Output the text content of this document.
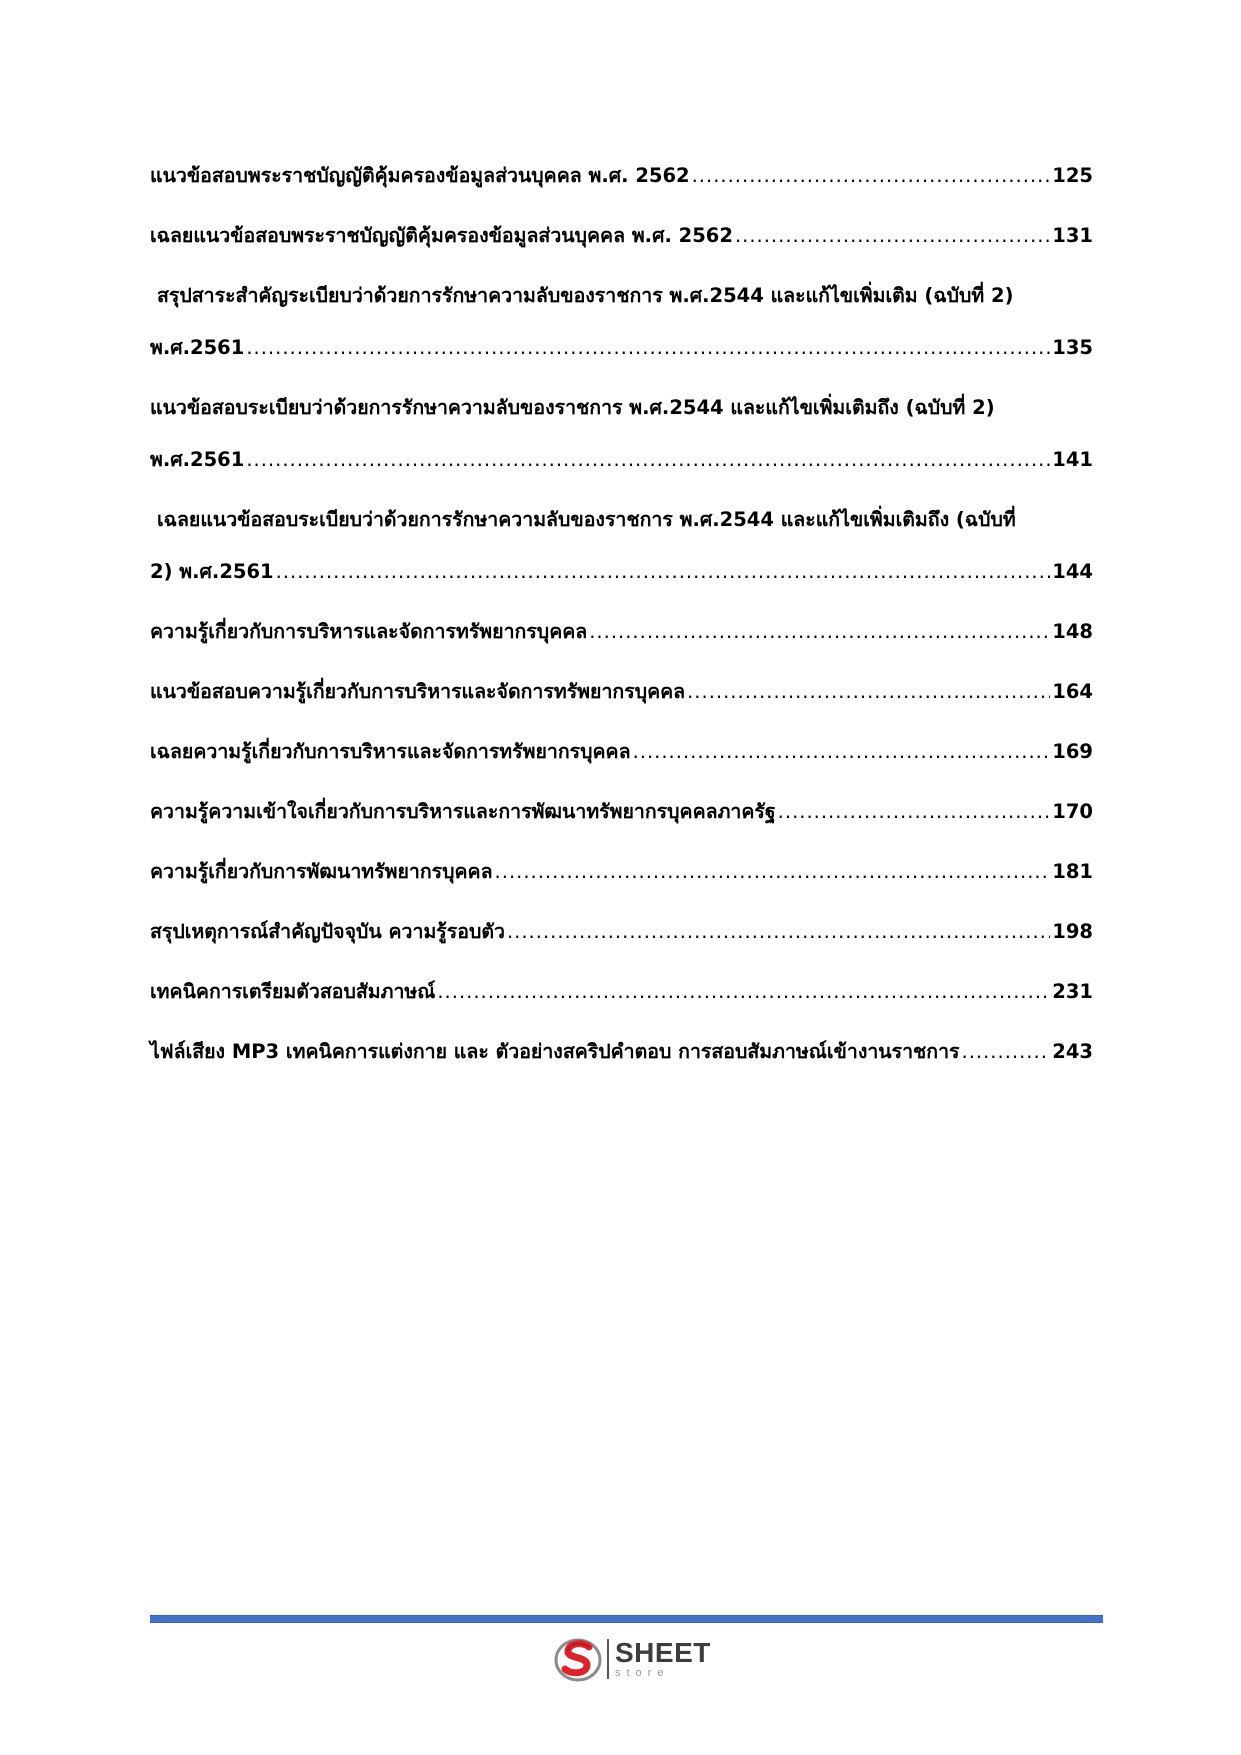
แนวข้อสอบพระราชบัญญัติคุ้มครองข้อมูลส่วนบุคคล พ.ศ. 2562 .....	125
เฉลยแนวข้อสอบพระราชบัญญัติคุ้มครองข้อมูลส่วนบุคคล พ.ศ. 2562 .....	131
สรุปสาระสำคัญระเบียบว่าด้วยการรักษาความลับของราชการ พ.ศ.2544 และแก้ไขเพิ่มเติม (ฉบับที่ 2)
พ.ศ.2561 .....	135
แนวข้อสอบระเบียบว่าด้วยการรักษาความลับของราชการ พ.ศ.2544 และแก้ไขเพิ่มเติมถึง (ฉบับที่ 2)
พ.ศ.2561 .....	141
เฉลยแนวข้อสอบระเบียบว่าด้วยการรักษาความลับของราชการ พ.ศ.2544 และแก้ไขเพิ่มเติมถึง (ฉบับที่
2) พ.ศ.2561 .....	144
ความรู้เกี่ยวกับการบริหารและจัดการทรัพยากรบุคคล .....	148
แนวข้อสอบความรู้เกี่ยวกับการบริหารและจัดการทรัพยากรบุคคล .....	164
เฉลยความรู้เกี่ยวกับการบริหารและจัดการทรัพยากรบุคคล .....	169
ความรู้ความเข้าใจเกี่ยวกับการบริหารและการพัฒนาทรัพยากรบุคคลภาครัฐ .....	170
ความรู้เกี่ยวกับการพัฒนาทรัพยากรบุคคล .....	181
สรุปเหตุการณ์สำคัญปัจจุบัน ความรู้รอบตัว .....	198
เทคนิคการเตรียมตัวสอบสัมภาษณ์ .....	231
ไฟล์เสียง MP3 เทคนิคการแต่งกาย และ ตัวอย่างสคริปคำตอบ การสอบสัมภาษณ์เข้างานราชการ .....	243
SHEET
store
